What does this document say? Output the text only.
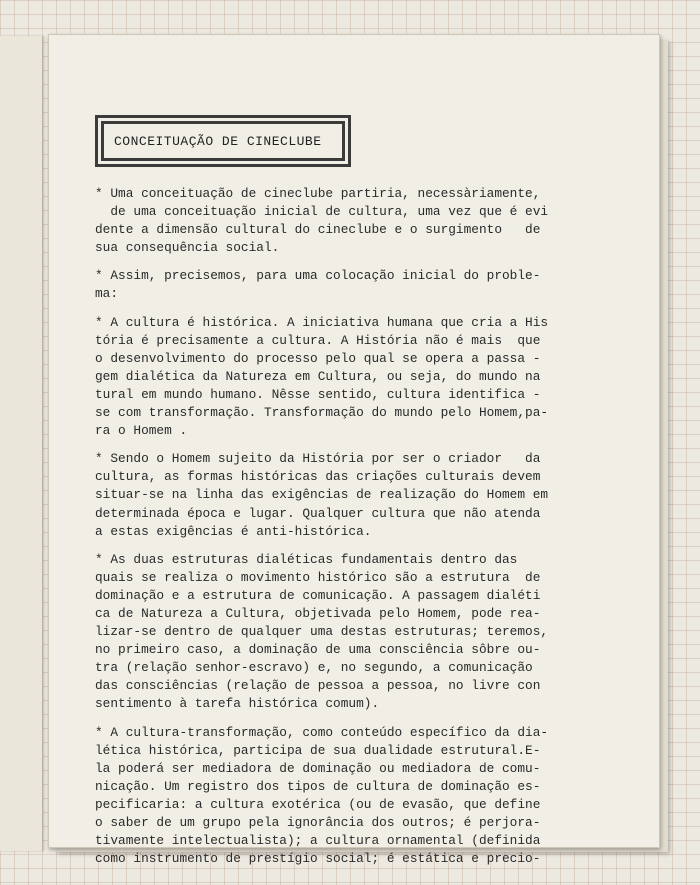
CONCEITUAÇÃO DE CINECLUBE
* Uma conceituação de cineclube partiria, necessàriamente,
de uma conceituação inicial de cultura, uma vez que é evi
dente a dimensão cultural do cineclube e o surgimento   de
sua consequência social.
* Assim, precisemos, para uma colocação inicial do proble-
ma:
* A cultura é histórica. A iniciativa humana que cria a His
tória é precisamente a cultura. A História não é mais  que
o desenvolvimento do processo pelo qual se opera a passa -
gem dialética da Natureza em Cultura, ou seja, do mundo na
tural em mundo humano. Nêsse sentido, cultura identifica -
se com transformação. Transformação do mundo pelo Homem,pa-
ra o Homem .
* Sendo o Homem sujeito da História por ser o criador   da
cultura, as formas históricas das criações culturais devem
situar-se na linha das exigências de realização do Homem em
determinada época e lugar. Qualquer cultura que não atenda
a estas exigências é anti-histórica.
* As duas estruturas dialéticas fundamentais dentro das
quais se realiza o movimento histórico são a estrutura  de
dominação e a estrutura de comunicação. A passagem dialéti
ca de Natureza a Cultura, objetivada pelo Homem, pode rea-
lizar-se dentro de qualquer uma destas estruturas; teremos,
no primeiro caso, a dominação de uma consciência sôbre ou-
tra (relação senhor-escravo) e, no segundo, a comunicação
das consciências (relação de pessoa a pessoa, no livre con
sentimento à tarefa histórica comum).
* A cultura-transformação, como conteúdo específico da dia-
lética histórica, participa de sua dualidade estrutural.E-
la poderá ser mediadora de dominação ou mediadora de comu-
nicação. Um registro dos tipos de cultura de dominação es-
pecificaria: a cultura exotérica (ou de evasão, que define
o saber de um grupo pela ignorância dos outros; é perjora-
tivamente intelectualista); a cultura ornamental (definida
como instrumento de prestígio social; é estática e precio-
